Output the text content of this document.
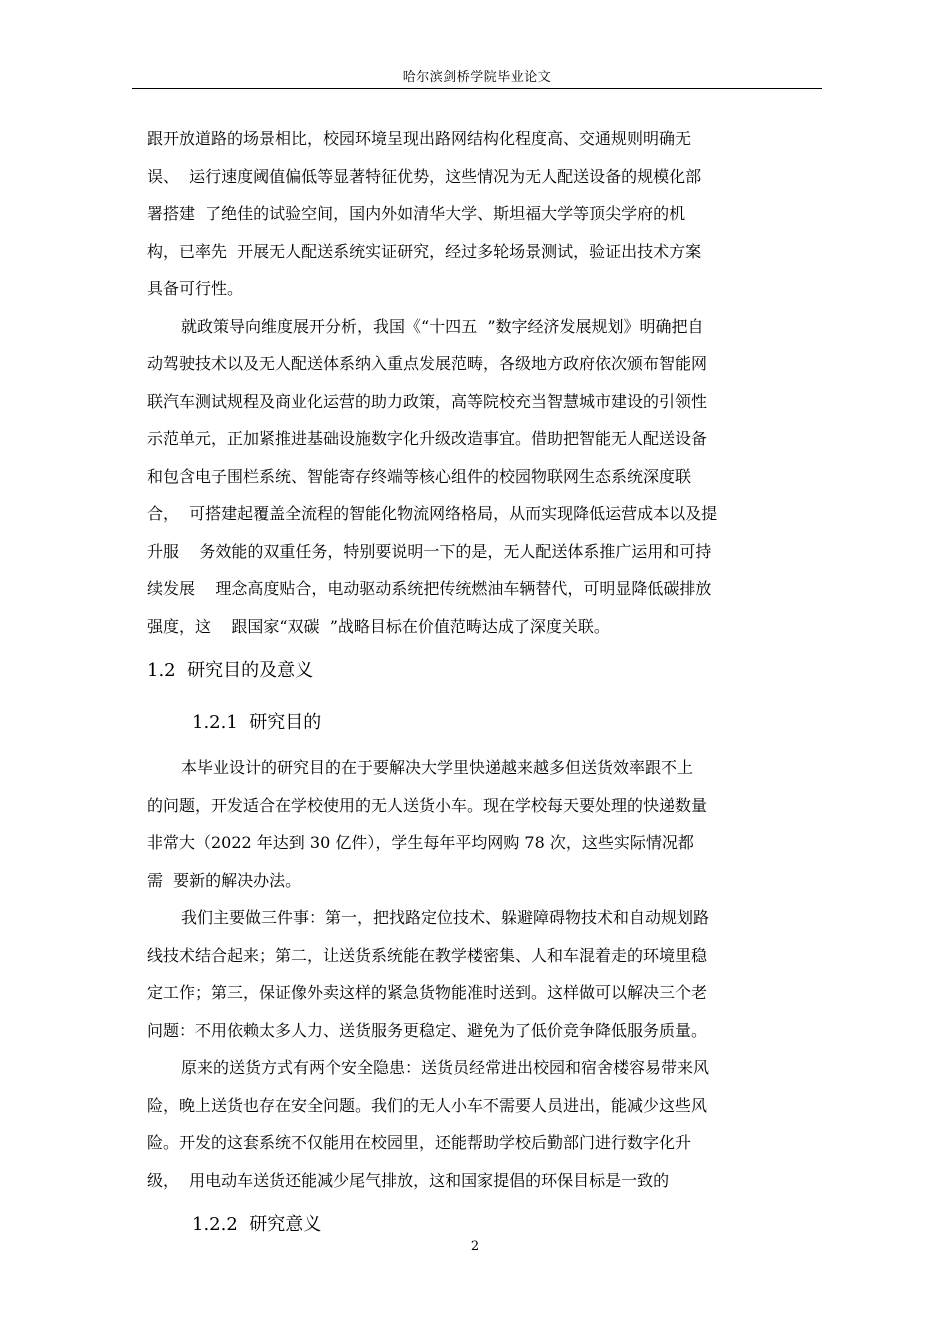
哈尔滨剑桥学院毕业论文
跟开放道路的场景相比，校园环境呈现出路网结构化程度高、交通规则明确无
误、  运行速度阈值偏低等显著特征优势，这些情况为无人配送设备的规模化部
署搭建  了绝佳的试验空间，国内外如清华大学、斯坦福大学等顶尖学府的机
构，已率先  开展无人配送系统实证研究，经过多轮场景测试，验证出技术方案
具备可行性。
就政策导向维度展开分析，我国《“十四五  ”数字经济发展规划》明确把自
动驾驶技术以及无人配送体系纳入重点发展范畴，各级地方政府依次颁布智能网
联汽车测试规程及商业化运营的助力政策，高等院校充当智慧城市建设的引领性
示范单元，正加紧推进基础设施数字化升级改造事宜。借助把智能无人配送设备
和包含电子围栏系统、智能寄存终端等核心组件的校园物联网生态系统深度联
合，  可搭建起覆盖全流程的智能化物流网络格局，从而实现降低运营成本以及提
升服    务效能的双重任务，特别要说明一下的是，无人配送体系推广运用和可持
续发展    理念高度贴合，电动驱动系统把传统燃油车辆替代，可明显降低碳排放
强度，这    跟国家“双碳  ”战略目标在价值范畴达成了深度关联。
1.2  研究目的及意义
1.2.1  研究目的
本毕业设计的研究目的在于要解决大学里快递越来越多但送货效率跟不上
的问题，开发适合在学校使用的无人送货小车。现在学校每天要处理的快递数量
非常大（2022 年达到 30 亿件），学生每年平均网购 78 次，这些实际情况都
需  要新的解决办法。
我们主要做三件事：第一，把找路定位技术、躲避障碍物技术和自动规划路
线技术结合起来；第二，让送货系统能在教学楼密集、人和车混着走的环境里稳
定工作；第三，保证像外卖这样的紧急货物能准时送到。这样做可以解决三个老
问题：不用依赖太多人力、送货服务更稳定、避免为了低价竞争降低服务质量。
原来的送货方式有两个安全隐患：送货员经常进出校园和宿舍楼容易带来风
险，晚上送货也存在安全问题。我们的无人小车不需要人员进出，能减少这些风
险。开发的这套系统不仅能用在校园里，还能帮助学校后勤部门进行数字化升
级，  用电动车送货还能减少尾气排放，这和国家提倡的环保目标是一致的
1.2.2  研究意义
2
